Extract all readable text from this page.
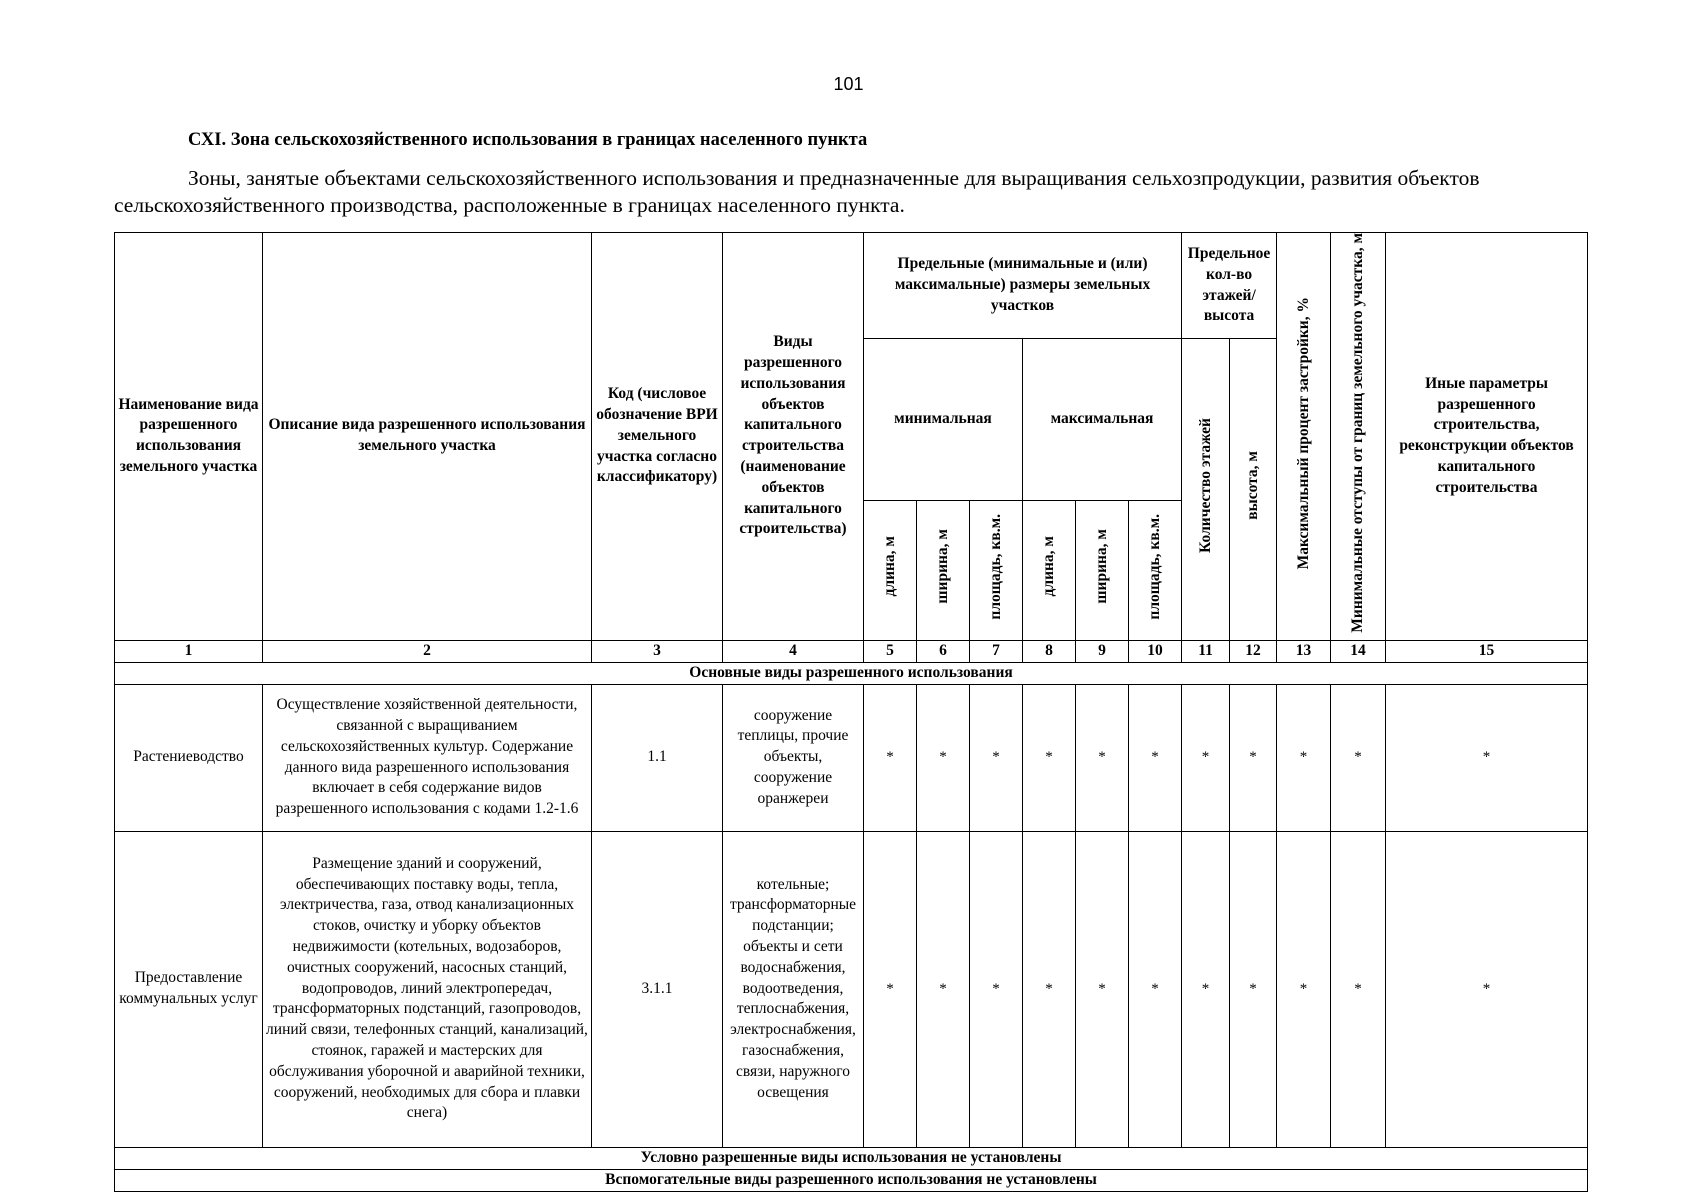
101
СХІ. Зона сельскохозяйственного использования в границах населенного пункта
Зоны, занятые объектами сельскохозяйственного использования и предназначенные для выращивания сельхозпродукции, развития объектов сельскохозяйственного производства, расположенные в границах населенного пункта.
Наименование вида разрешенного использования земельного участка	Описание вида разрешенного использования земельного участка	Код (числовое обозначение ВРИ земельного участка согласно классификатору)	Виды разрешенного использования объектов капитального строительства (наименование объектов капитального строительства)	Предельные (минимальные и (или) максимальные) размеры земельных участков						Предельное кол-во этажей/ высота		Максимальный процент застройки, %	Минимальные отступы от границ земельного участка, м	Иные параметры разрешенного строительства, реконструкции объектов капитального строительства
				минимальная			максимальная			Количество этажей	высота, м			
				длина, м	ширина, м	площадь, кв.м.	длина, м	ширина, м	площадь, кв.м.					
1	2	3	4	5	6	7	8	9	10	11	12	13	14	15
Основные виды разрешенного использования														
Растениеводство	Осуществление хозяйственной деятельности, связанной с выращиванием сельскохозяйственных культур. Содержание данного вида разрешенного использования включает в себя содержание видов разрешенного использования с кодами 1.2-1.6	1.1	сооружение теплицы, прочие объекты, сооружение оранжереи	*	*	*	*	*	*	*	*	*	*	*
Предоставление коммунальных услуг	Размещение зданий и сооружений, обеспечивающих поставку воды, тепла, электричества, газа, отвод канализационных стоков, очистку и уборку объектов недвижимости (котельных, водозаборов, очистных сооружений, насосных станций, водопроводов, линий электропередач, трансформаторных подстанций, газопроводов, линий связи, телефонных станций, канализаций, стоянок, гаражей и мастерских для обслуживания уборочной и аварийной техники, сооружений, необходимых для сбора и плавки снега)	3.1.1	котельные; трансформаторные подстанции; объекты и сети водоснабжения, водоотведения, теплоснабжения, электроснабжения, газоснабжения, связи, наружного освещения	*	*	*	*	*	*	*	*	*	*	*
Условно разрешенные виды использования не установлены														
Вспомогательные виды разрешенного использования не установлены														
